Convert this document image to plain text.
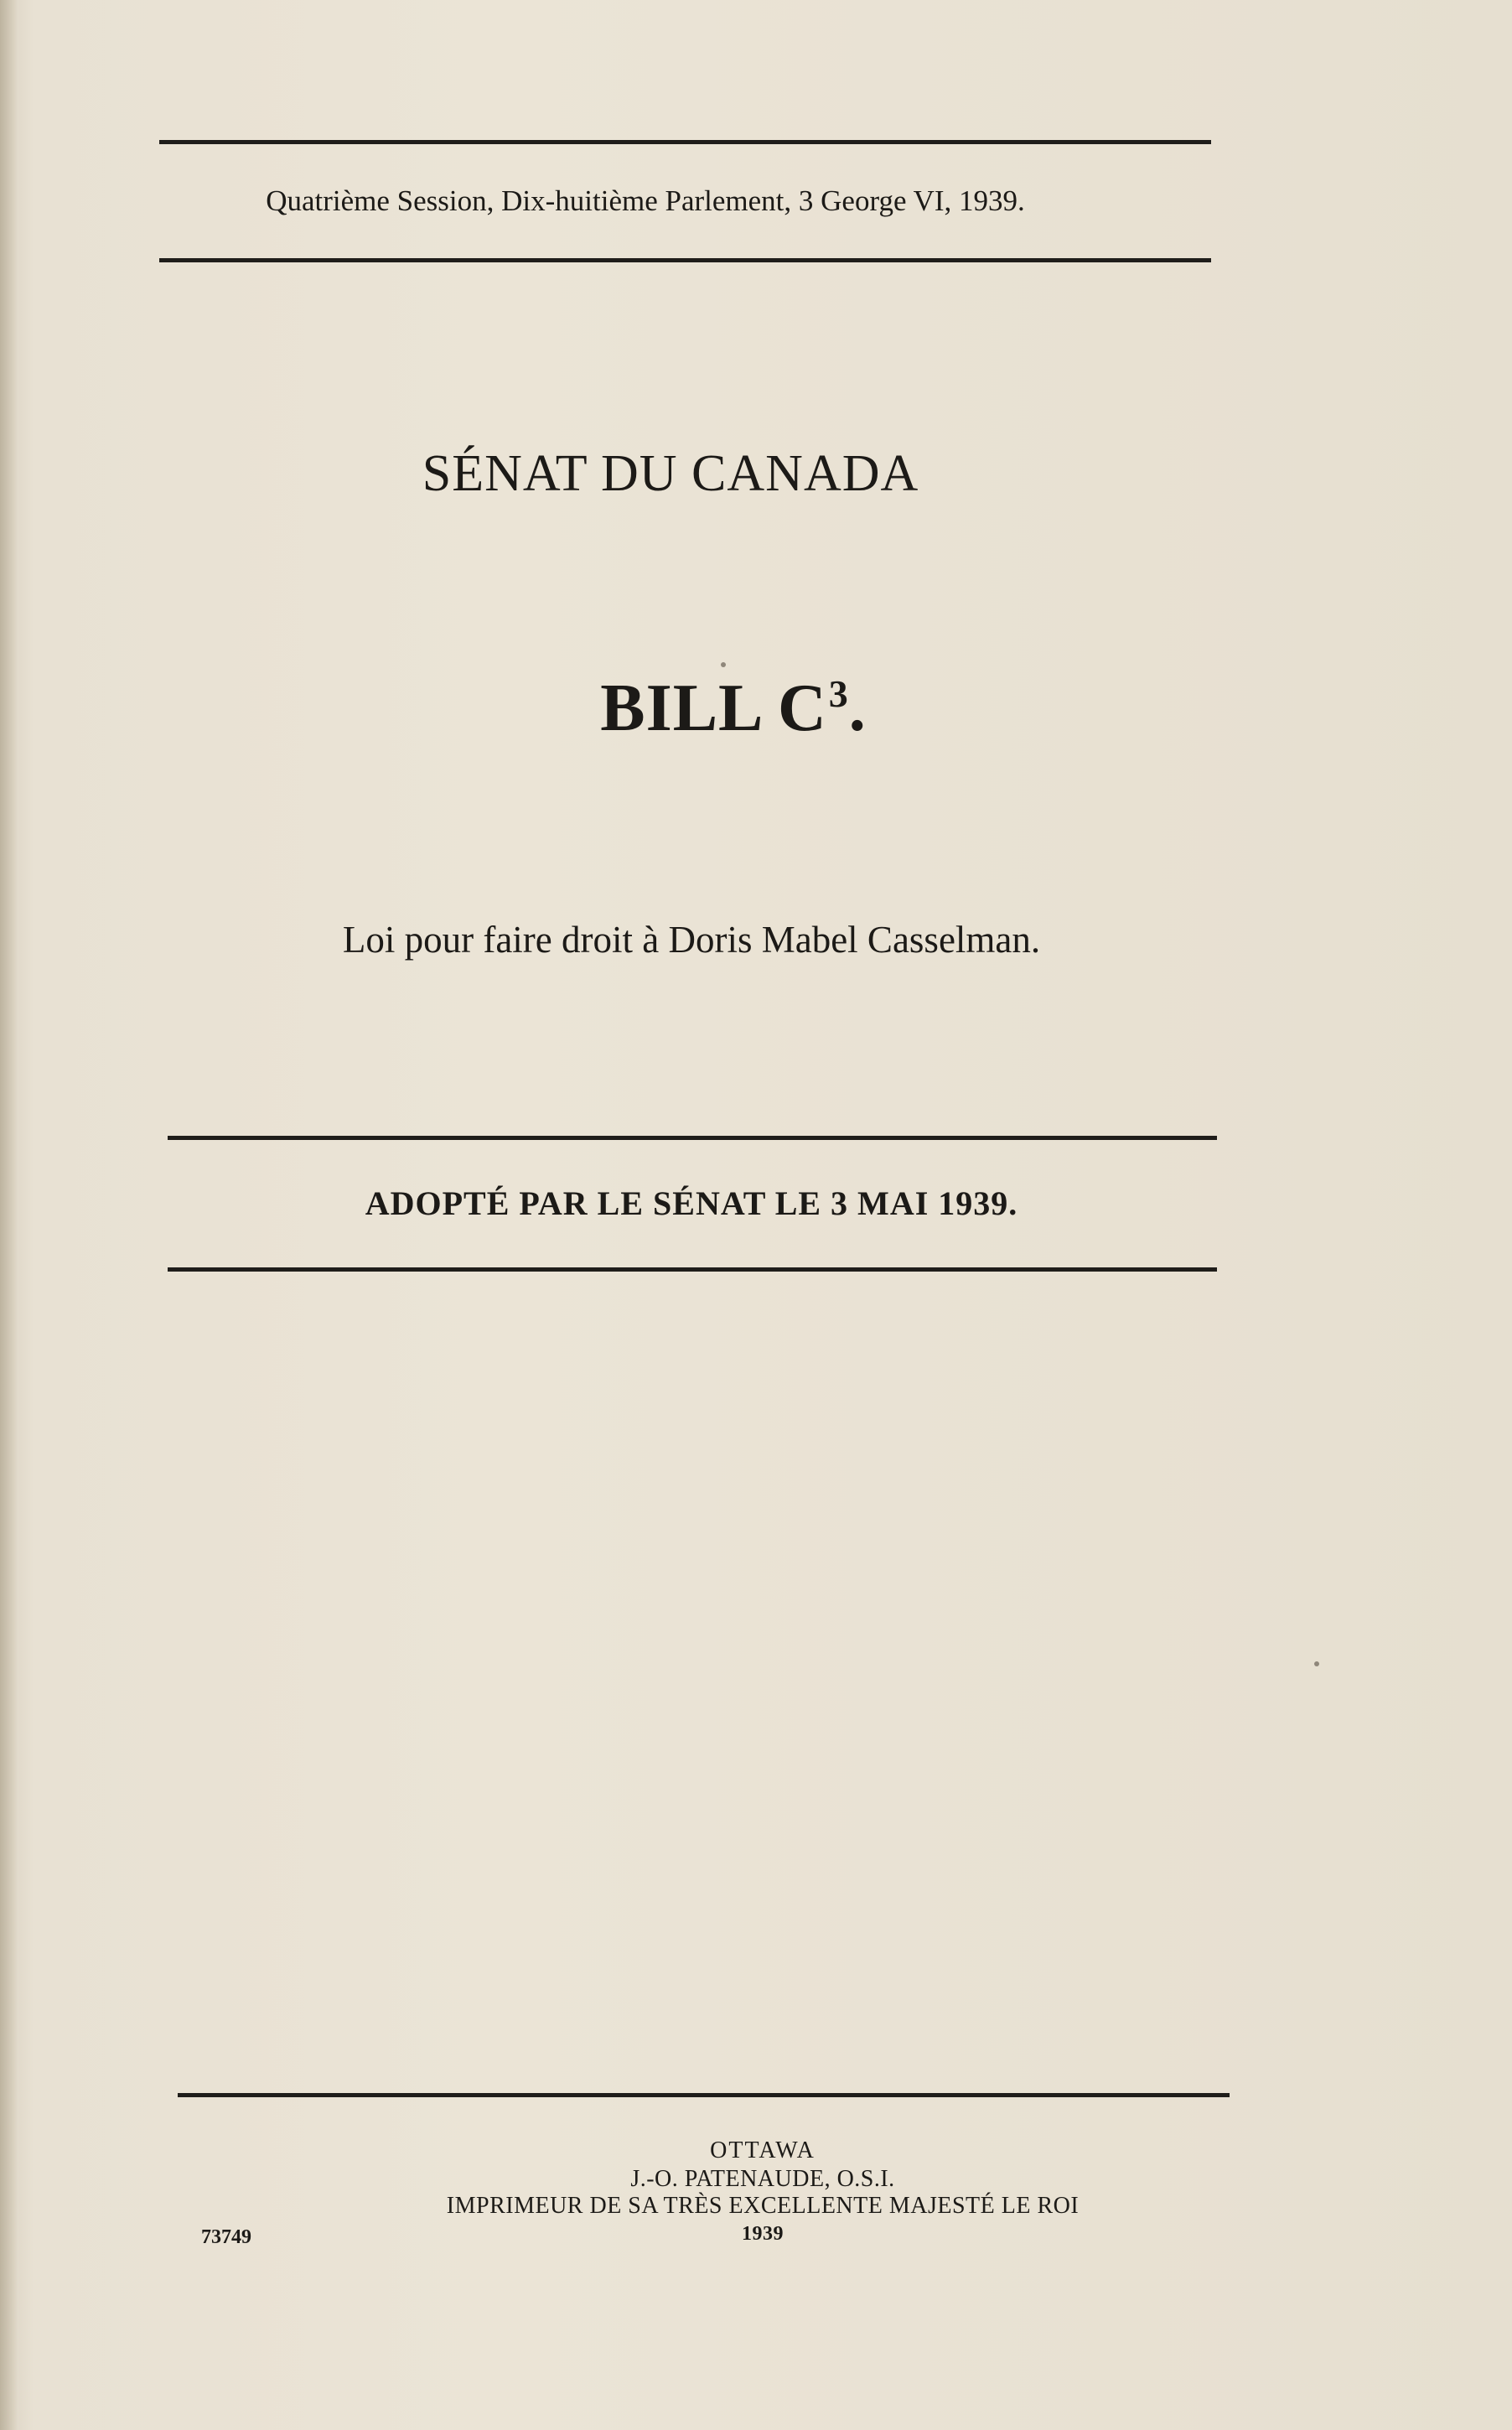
Quatrième Session, Dix-huitième Parlement, 3 George VI, 1939.
SÉNAT DU CANADA
BILL $C^3$.
Loi pour faire droit à Doris Mabel Casselman.
ADOPTÉ PAR LE SÉNAT LE 3 MAI 1939.
OTTAWA
J.-O. PATENAUDE, O.S.I.
IMPRIMEUR DE SA TRÈS EXCELLENTE MAJESTÉ LE ROI
1939
73749
